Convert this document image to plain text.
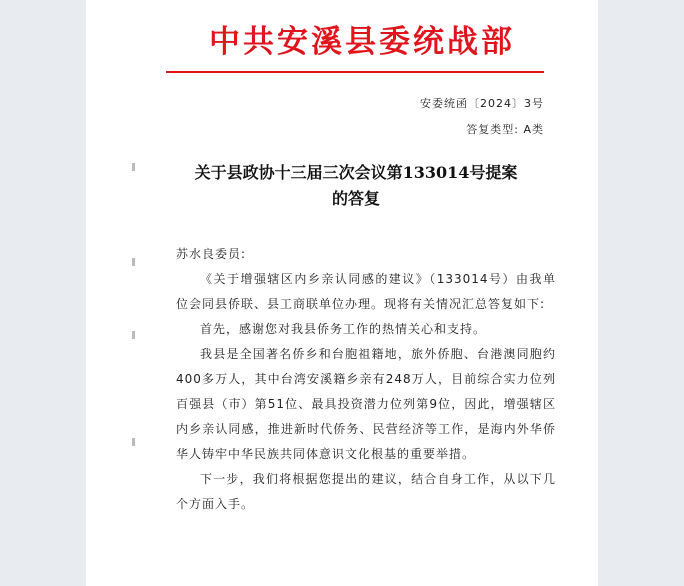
中共安溪县委统战部
安委统函〔2024〕3号
答复类型: A类
关于县政协十三届三次会议第133014号提案
的答复

苏水良委员:

《关于增强辖区内乡亲认同感的建议》（133014号）由我单位会同县侨联、县工商联单位办理。现将有关情况汇总答复如下:

首先，感谢您对我县侨务工作的热情关心和支持。

我县是全国著名侨乡和台胞祖籍地，旅外侨胞、台港澳同胞约400多万人，其中台湾安溪籍乡亲有248万人，目前综合实力位列百强县（市）第51位、最具投资潜力位列第9位，因此，增强辖区内乡亲认同感，推进新时代侨务、民营经济等工作，是海内外华侨华人铸牢中华民族共同体意识文化根基的重要举措。

下一步，我们将根据您提出的建议，结合自身工作，从以下几个方面入手。
